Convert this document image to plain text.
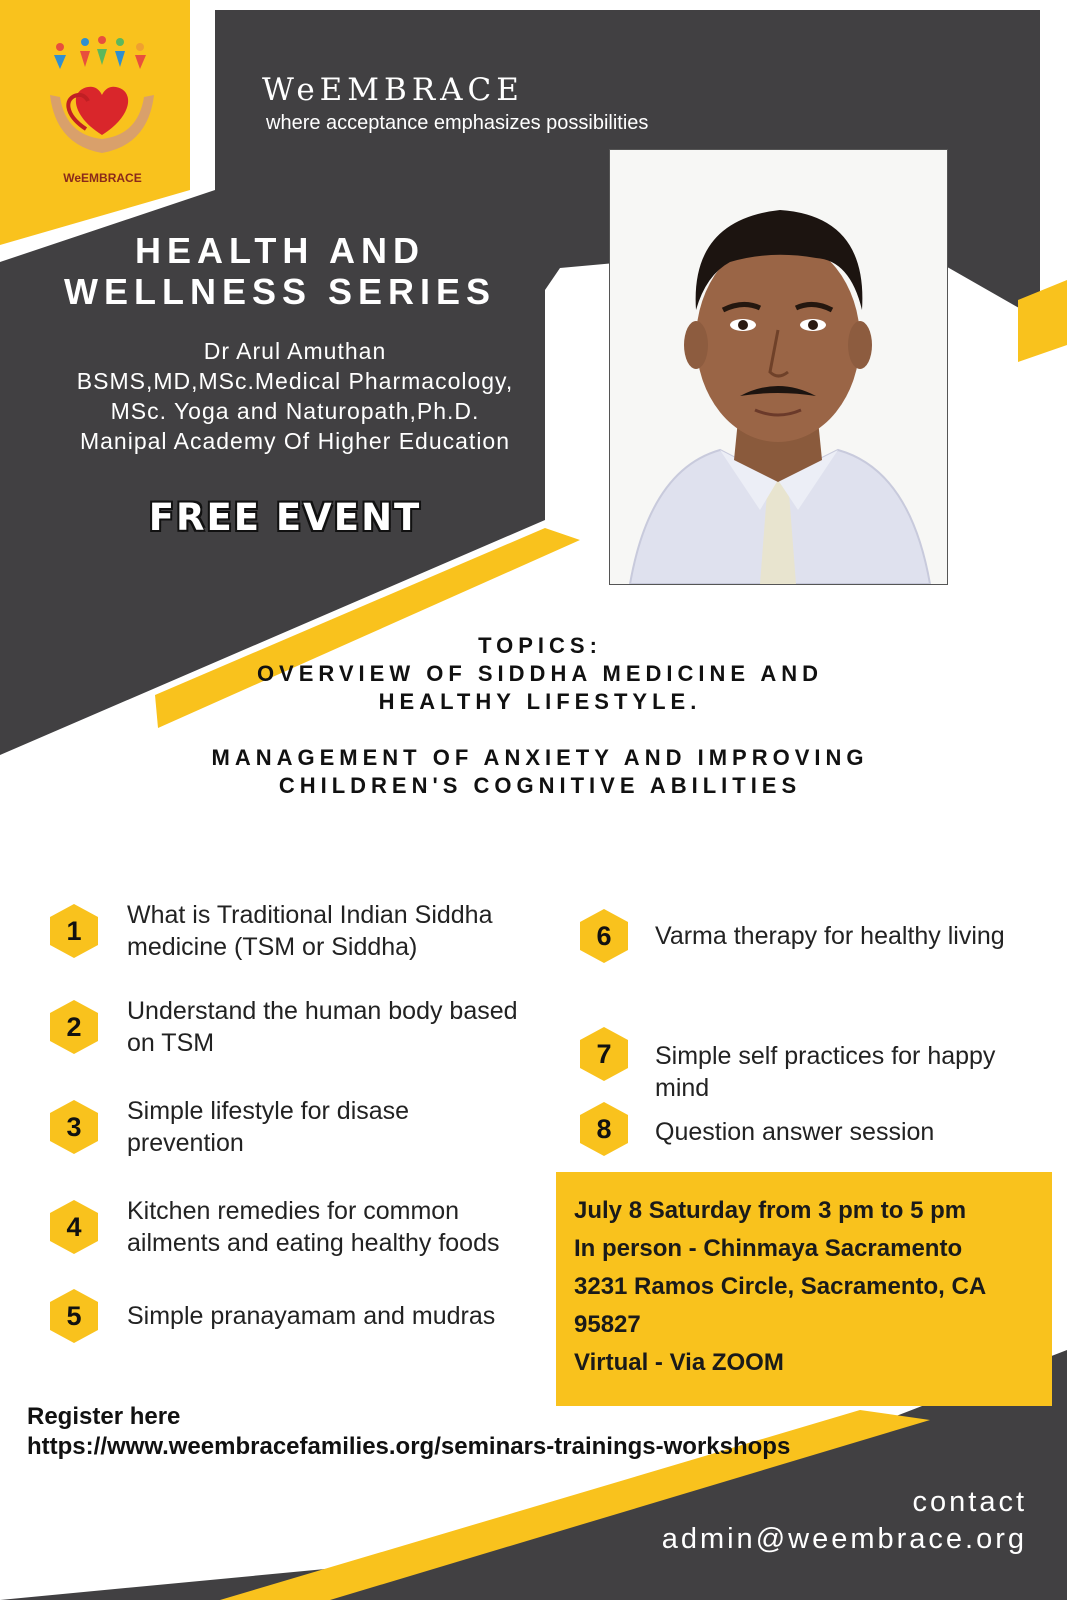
WeEMBRACE
WeEMBRACE
where acceptance emphasizes possibilities
HEALTH AND
WELLNESS SERIES
Dr Arul Amuthan
BSMS,MD,MSc.Medical Pharmacology,
MSc. Yoga and Naturopath,Ph.D.
Manipal Academy Of Higher Education
FREE EVENT
TOPICS:
OVERVIEW OF SIDDHA MEDICINE AND
HEALTHY LIFESTYLE.
MANAGEMENT OF ANXIETY AND IMPROVING
CHILDREN'S COGNITIVE ABILITIES
1
What is Traditional Indian Siddha
medicine (TSM or Siddha)
2
Understand the human body based
on TSM
3
Simple lifestyle for disase
prevention
4
Kitchen remedies for common
ailments and eating healthy foods
5 Simple pranayamam and mudras
6 Varma therapy for healthy living
7 Simple self practices for happy
mind
8 Question answer session
July 8 Saturday from 3 pm to 5 pm
In person - Chinmaya Sacramento
3231 Ramos Circle, Sacramento, CA
95827
Virtual - Via ZOOM
Register here
https://www.weembracefamilies.org/seminars-trainings-workshops
contact
admin@weembrace.org
